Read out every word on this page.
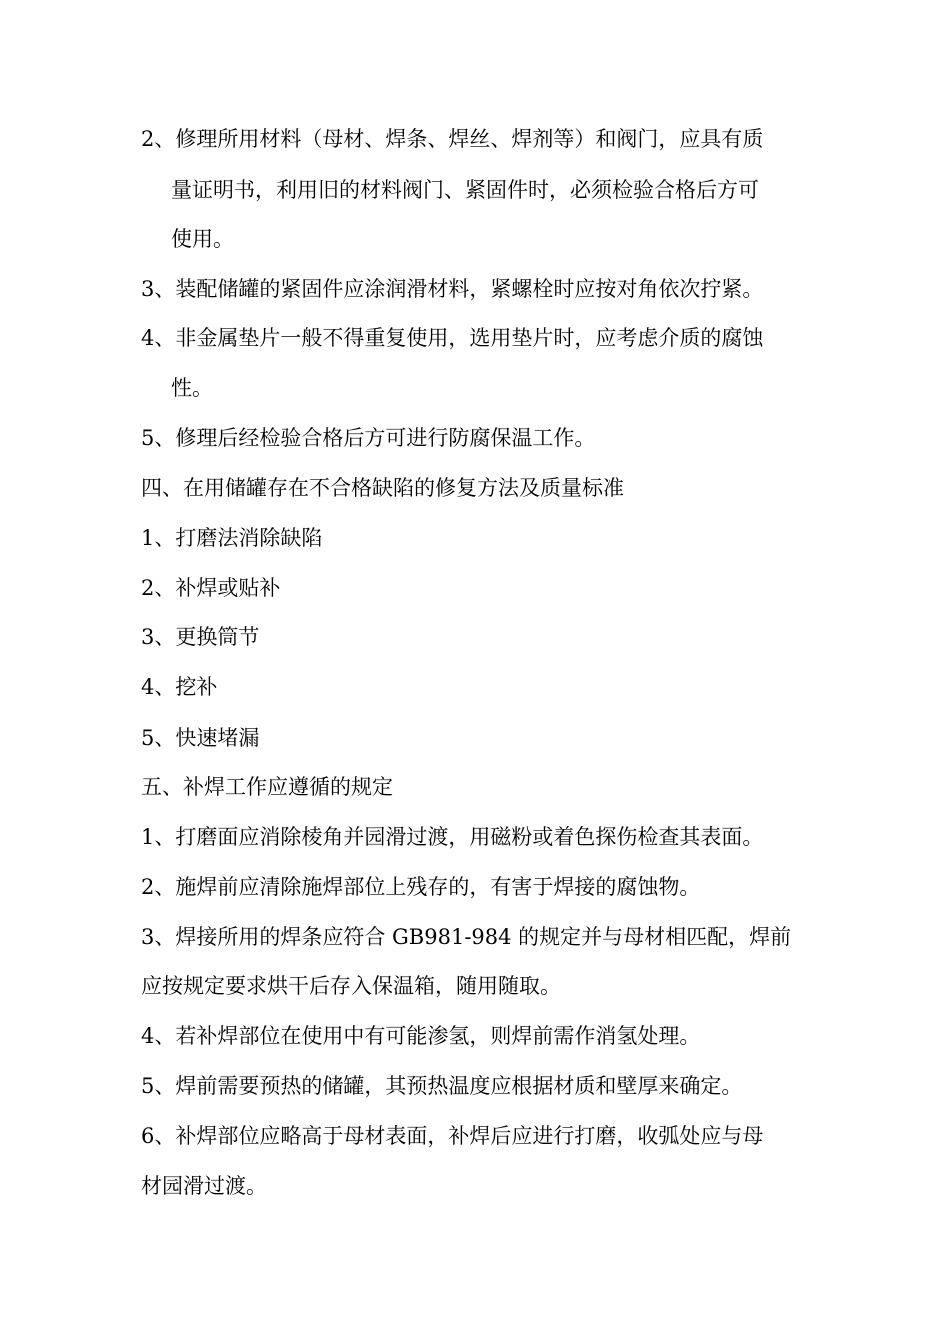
2、修理所用材料（母材、焊条、焊丝、焊剂等）和阀门，应具有质
量证明书，利用旧的材料阀门、紧固件时，必须检验合格后方可
使用。
3、装配储罐的紧固件应涂润滑材料，紧螺栓时应按对角依次拧紧。
4、非金属垫片一般不得重复使用，选用垫片时，应考虑介质的腐蚀
性。
5、修理后经检验合格后方可进行防腐保温工作。
四、在用储罐存在不合格缺陷的修复方法及质量标准
1、打磨法消除缺陷
2、补焊或贴补
3、更换筒节
4、挖补
5、快速堵漏
五、补焊工作应遵循的规定
1、打磨面应消除棱角并园滑过渡，用磁粉或着色探伤检查其表面。
2、施焊前应清除施焊部位上残存的，有害于焊接的腐蚀物。
3、焊接所用的焊条应符合 GB981-984 的规定并与母材相匹配，焊前
应按规定要求烘干后存入保温箱，随用随取。
4、若补焊部位在使用中有可能渗氢，则焊前需作消氢处理。
5、焊前需要预热的储罐，其预热温度应根据材质和壁厚来确定。
6、补焊部位应略高于母材表面，补焊后应进行打磨，收弧处应与母
材园滑过渡。
